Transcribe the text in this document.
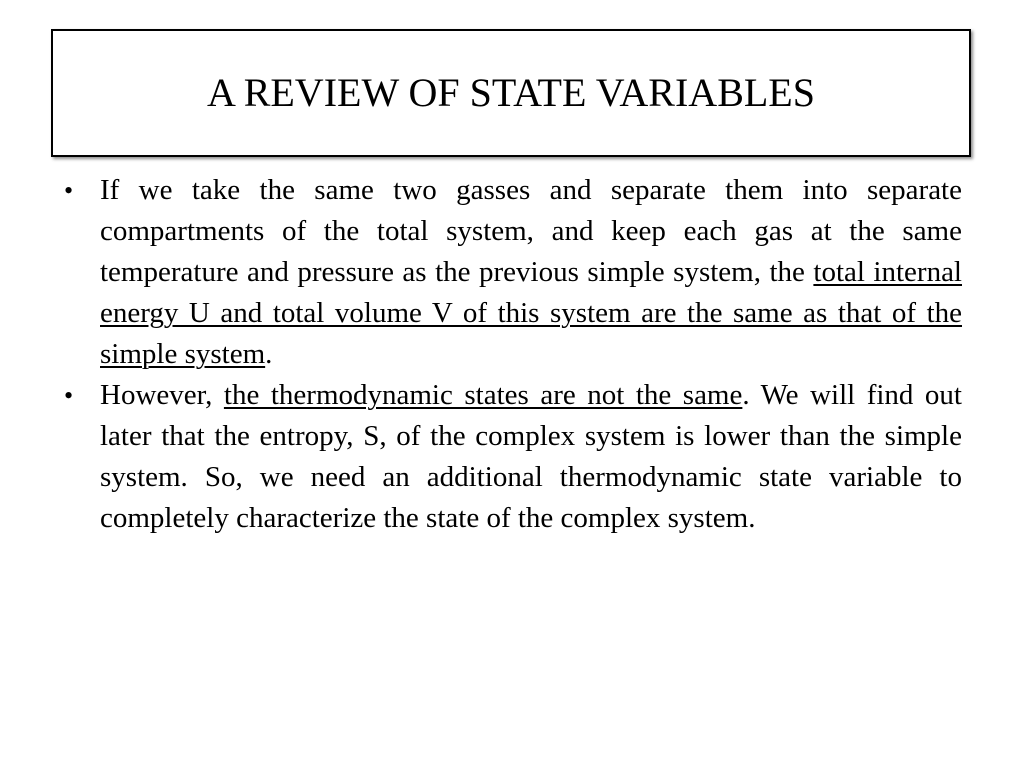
A REVIEW OF STATE VARIABLES
• If we take the same two gasses and separate them into separate compartments of the total system, and keep each gas at the same temperature and pressure as the previous simple system, the total internal energy U and total volume V of this system are the same as that of the simple system.
• However, the thermodynamic states are not the same. We will find out later that the entropy, S, of the complex system is lower than the simple system. So, we need an additional thermodynamic state variable to completely characterize the state of the complex system.
